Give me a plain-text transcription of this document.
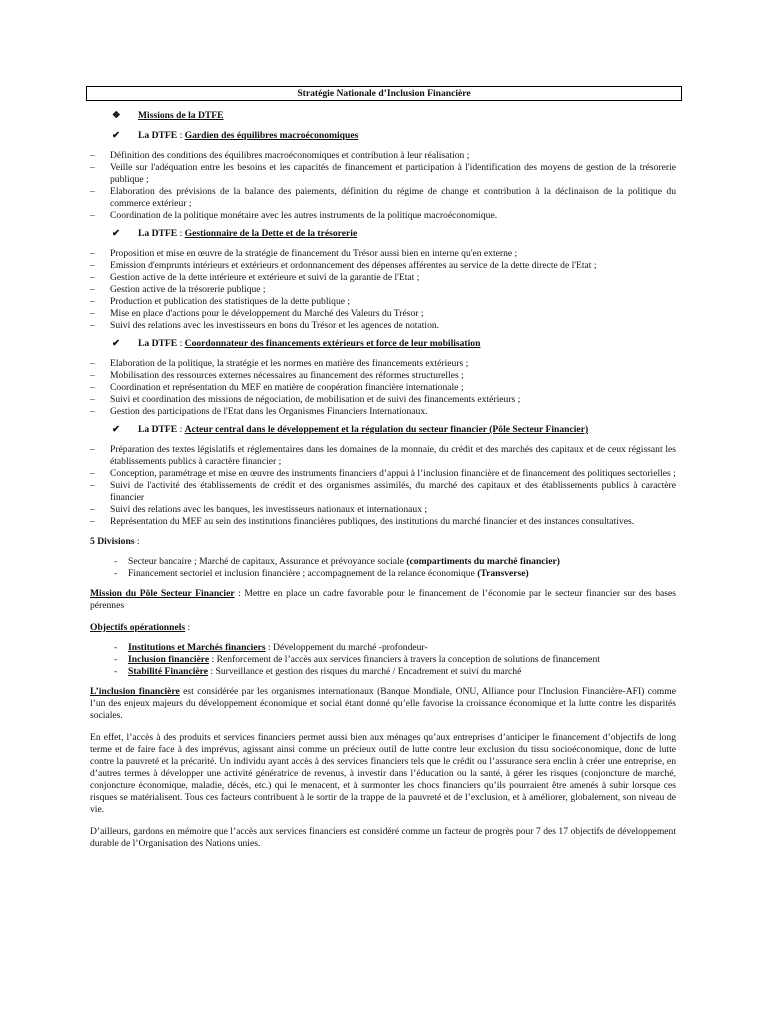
Stratégie Nationale d’Inclusion Financière
❖ Missions de la DTFE
✔ La DTFE : Gardien des équilibres macroéconomiques
– Définition des conditions des équilibres macroéconomiques et contribution à leur réalisation ;
– Veille sur l'adéquation entre les besoins et les capacités de financement et participation à l'identification des moyens de gestion de la trésorerie publique ;
– Elaboration des prévisions de la balance des paiements, définition du régime de change et contribution à la déclinaison de la politique du commerce extérieur ;
– Coordination de la politique monétaire avec les autres instruments de la politique macroéconomique.
✔ La DTFE : Gestionnaire de la Dette et de la trésorerie
– Proposition et mise en œuvre de la stratégie de financement du Trésor aussi bien en interne qu'en externe ;
– Emission d'emprunts intérieurs et extérieurs et ordonnancement des dépenses afférentes au service de la dette directe de l'Etat ;
– Gestion active de la dette intérieure et extérieure et suivi de la garantie de l'Etat ;
– Gestion active de la trésorerie publique ;
– Production et publication des statistiques de la dette publique ;
– Mise en place d'actions pour le développement du Marché des Valeurs du Trésor ;
– Suivi des relations avec les investisseurs en bons du Trésor et les agences de notation.
✔ La DTFE : Coordonnateur des financements extérieurs et force de leur mobilisation
– Elaboration de la politique, la stratégie et les normes en matière des financements extérieurs ;
– Mobilisation des ressources externes nécessaires au financement des réformes structurelles ;
– Coordination et représentation du MEF en matière de coopération financière internationale ;
– Suivi et coordination des missions de négociation, de mobilisation et de suivi des financements extérieurs ;
– Gestion des participations de l'Etat dans les Organismes Financiers Internationaux.
✔ La DTFE : Acteur central dans le développement et la régulation du secteur financier (Pôle Secteur Financier)
– Préparation des textes législatifs et réglementaires dans les domaines de la monnaie, du crédit et des marchés des capitaux et de ceux régissant les établissements publics à caractère financier ;
– Conception, paramétrage et mise en œuvre des instruments financiers d’appui à l’inclusion financière et de financement des politiques sectorielles ;
– Suivi de l'activité des établissements de crédit et des organismes assimilés, du marché des capitaux et des établissements publics à caractère financier
– Suivi des relations avec les banques, les investisseurs nationaux et internationaux ;
– Représentation du MEF au sein des institutions financières publiques, des institutions du marché financier et des instances consultatives.
5 Divisions :
- Secteur bancaire ; Marché de capitaux, Assurance et prévoyance sociale (compartiments du marché financier)
- Financement sectoriel et inclusion financière ; accompagnement de la relance économique (Transverse)

Mission du Pôle Secteur Financier : Mettre en place un cadre favorable pour le financement de l’économie par le secteur financier sur des bases pérennes

Objectifs opérationnels :
- Institutions et Marchés financiers : Développement du marché -profondeur-
- Inclusion financière : Renforcement de l’accès aux services financiers à travers la conception de solutions de financement
- Stabilité Financière : Surveillance et gestion des risques du marché / Encadrement et suivi du marché

L’inclusion financière est considérée par les organismes internationaux (Banque Mondiale, ONU, Alliance pour l'Inclusion Financière-AFI) comme l’un des enjeux majeurs du développement économique et social étant donné qu’elle favorise la croissance économique et la lutte contre les disparités sociales.

En effet, l’accès à des produits et services financiers permet aussi bien aux ménages qu’aux entreprises d’anticiper le financement d’objectifs de long terme et de faire face à des imprévus, agissant ainsi comme un précieux outil de lutte contre leur exclusion du tissu socioéconomique, donc de lutte contre la pauvreté et la précarité. Un individu ayant accès à des services financiers tels que le crédit ou l’assurance sera enclin à créer une entreprise, en d’autres termes à développer une activité génératrice de revenus, à investir dans l’éducation ou la santé, à gérer les risques (conjoncture de marché, conjoncture économique, maladie, décès, etc.) qui le menacent, et à surmonter les chocs financiers qu’ils pourraient être amenés à subir lorsque ces risques se matérialisent. Tous ces facteurs contribuent à le sortir de la trappe de la pauvreté et de l’exclusion, et à améliorer, globalement, son niveau de vie.

D’ailleurs, gardons en mémoire que l’accès aux services financiers est considéré comme un facteur de progrès pour 7 des 17 objectifs de développement durable de l’Organisation des Nations unies.
